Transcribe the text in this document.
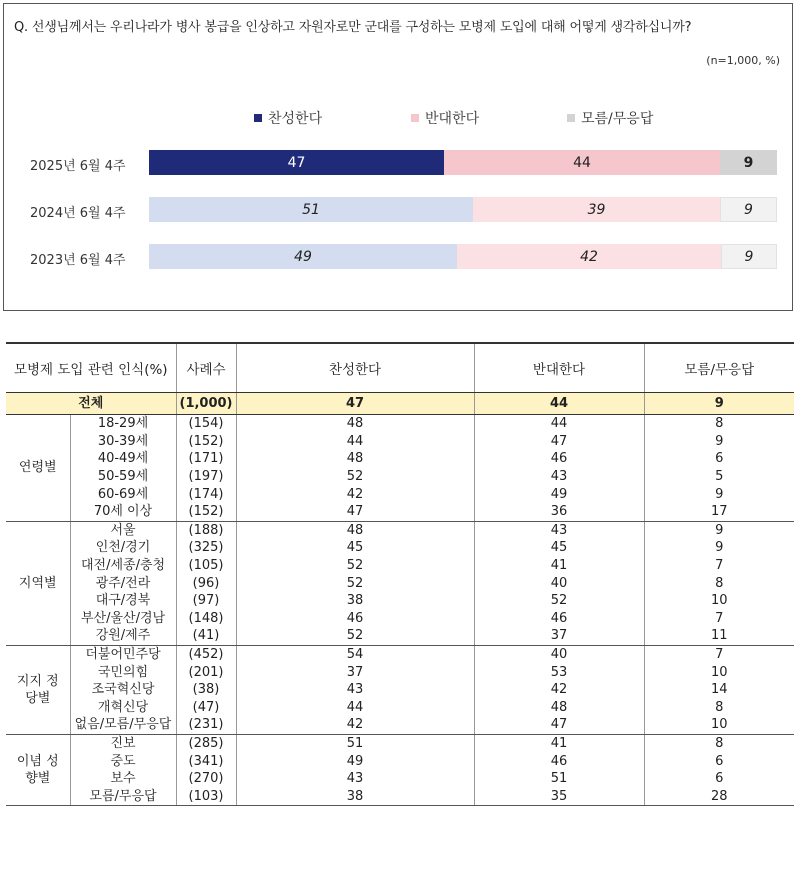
Q. 선생님께서는 우리나라가 병사 봉급을 인상하고 자원자로만 군대를 구성하는 모병제 도입에 대해 어떻게 생각하십니까?
(n=1,000, %)
찬성한다	반대한다	모름/무응답
2025년 6월 4주	47	44	9
2024년 6월 4주	51	39	9
2023년 6월 4주	49	42	9
모병제 도입 관련 인식(%)		사례수	찬성한다	반대한다	모름/무응답
전체		(1,000)	47	44	9
연령별	18-29세	(154)	48	44	8
	30-39세	(152)	44	47	9
	40-49세	(171)	48	46	6
	50-59세	(197)	52	43	5
	60-69세	(174)	42	49	9
	70세 이상	(152)	47	36	17
지역별	서울	(188)	48	43	9
	인천/경기	(325)	45	45	9
	대전/세종/충청	(105)	52	41	7
	광주/전라	(96)	52	40	8
	대구/경북	(97)	38	52	10
	부산/울산/경남	(148)	46	46	7
	강원/제주	(41)	52	37	11
지지 정당별	더불어민주당	(452)	54	40	7
	국민의힘	(201)	37	53	10
	조국혁신당	(38)	43	42	14
	개혁신당	(47)	44	48	8
	없음/모름/무응답	(231)	42	47	10
이념 성향별	진보	(285)	51	41	8
	중도	(341)	49	46	6
	보수	(270)	43	51	6
	모름/무응답	(103)	38	35	28
